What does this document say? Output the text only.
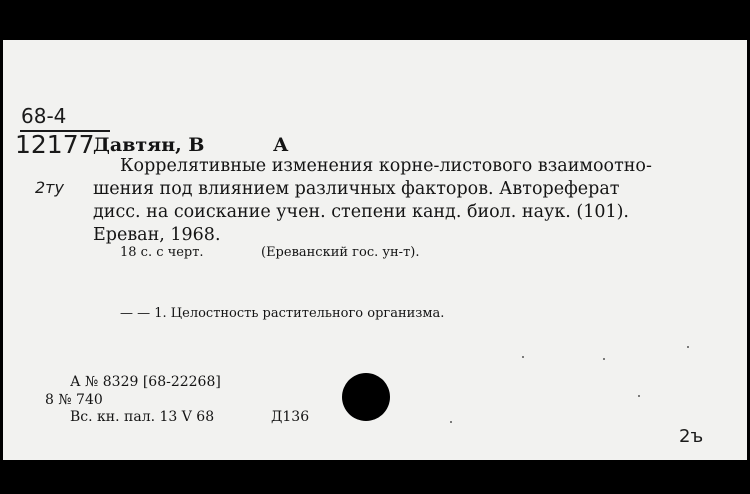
68-4
12177
Давтян, В	А
Коррелятивные изменения корне-листового взаимоотно-
2ту шения под влиянием различных факторов. Автореферат
дисс. на соискание учен. степени канд. биол. наук. (101).
Ереван, 1968.
18 с. с черт.	(Ереванский гос. ун-т).
— — 1. Целостность растительного организма.
А № 8329 [68-22268]
8 № 740
Вс. кн. пал. 13 V 68	Д136
2ъ
